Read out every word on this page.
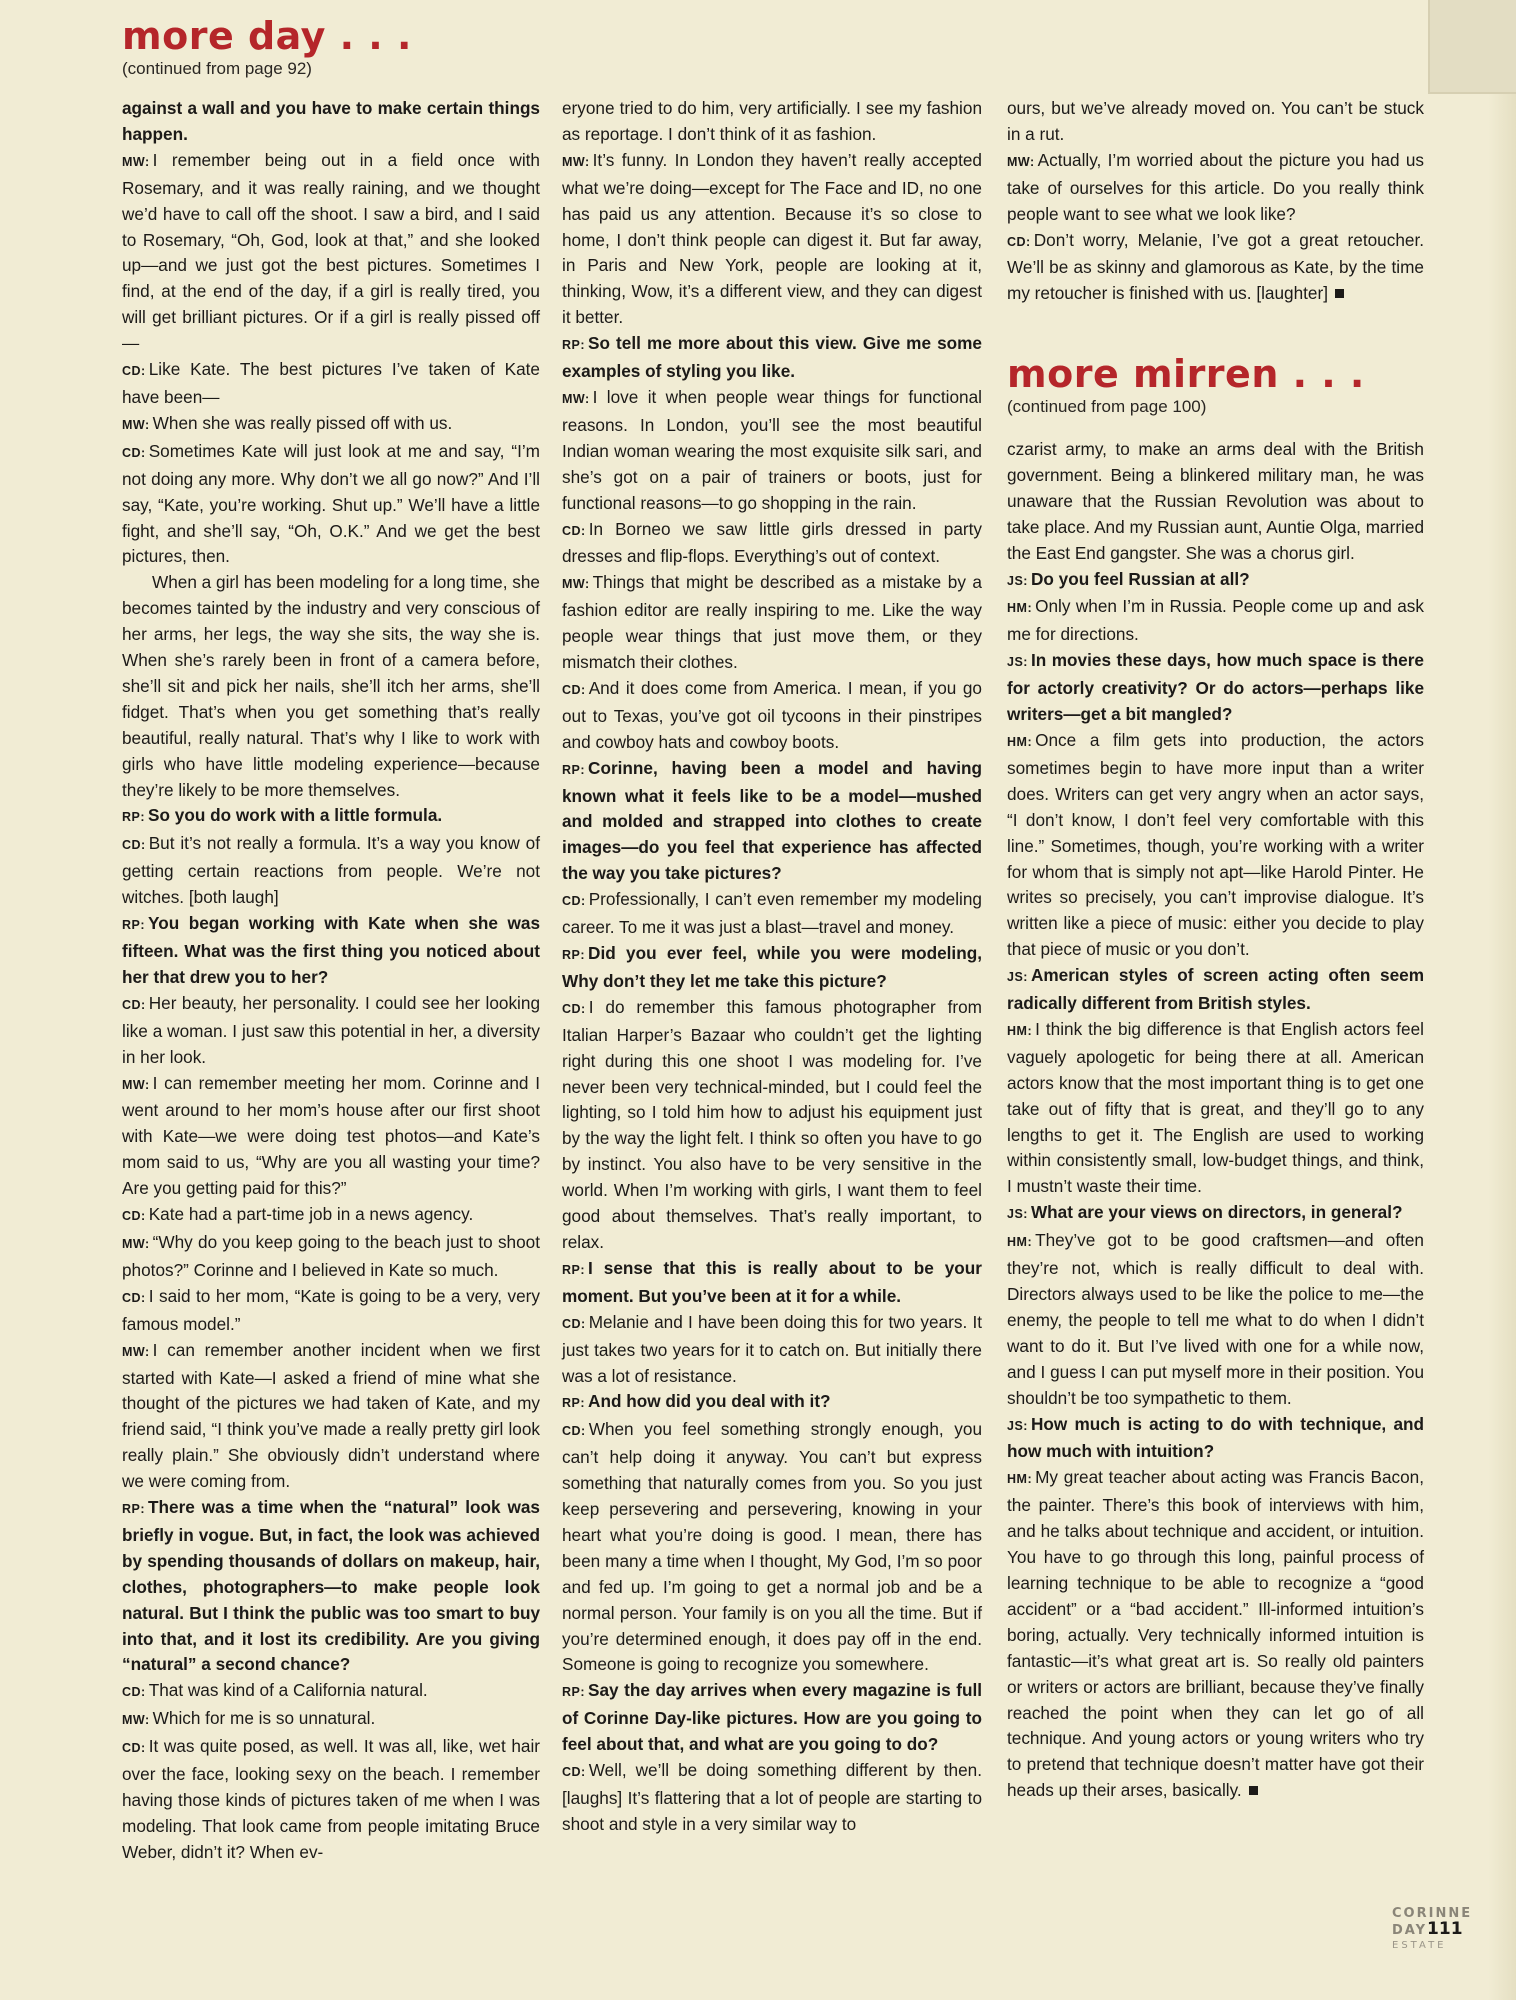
more day . . .
(continued from page 92)

against a wall and you have to make certain things happen.

MW: I remember being out in a field once with Rosemary, and it was really raining, and we thought we’d have to call off the shoot. I saw a bird, and I said to Rosemary, “Oh, God, look at that,” and she looked up—and we just got the best pictures. Sometimes I find, at the end of the day, if a girl is really tired, you will get brilliant pictures. Or if a girl is really pissed off—

CD: Like Kate. The best pictures I’ve taken of Kate have been—

MW: When she was really pissed off with us.

CD: Sometimes Kate will just look at me and say, “I’m not doing any more. Why don’t we all go now?” And I’ll say, “Kate, you’re working. Shut up.” We’ll have a little fight, and she’ll say, “Oh, O.K.” And we get the best pictures, then.

When a girl has been modeling for a long time, she becomes tainted by the industry and very conscious of her arms, her legs, the way she sits, the way she is. When she’s rarely been in front of a camera before, she’ll sit and pick her nails, she’ll itch her arms, she’ll fidget. That’s when you get something that’s really beautiful, really natural. That’s why I like to work with girls who have little modeling experience—because they’re likely to be more themselves.

RP: So you do work with a little formula.

CD: But it’s not really a formula. It’s a way you know of getting certain reactions from people. We’re not witches. [both laugh]

RP: You began working with Kate when she was fifteen. What was the first thing you noticed about her that drew you to her?

CD: Her beauty, her personality. I could see her looking like a woman. I just saw this potential in her, a diversity in her look.

MW: I can remember meeting her mom. Corinne and I went around to her mom’s house after our first shoot with Kate—we were doing test photos—and Kate’s mom said to us, “Why are you all wasting your time? Are you getting paid for this?”

CD: Kate had a part-time job in a news agency.

MW: “Why do you keep going to the beach just to shoot photos?” Corinne and I believed in Kate so much.

CD: I said to her mom, “Kate is going to be a very, very famous model.”

MW: I can remember another incident when we first started with Kate—I asked a friend of mine what she thought of the pictures we had taken of Kate, and my friend said, “I think you’ve made a really pretty girl look really plain.” She obviously didn’t understand where we were coming from.

RP: There was a time when the “natural” look was briefly in vogue. But, in fact, the look was achieved by spending thousands of dollars on makeup, hair, clothes, photographers—to make people look natural. But I think the public was too smart to buy into that, and it lost its credibility. Are you giving “natural” a second chance?

CD: That was kind of a California natural.

MW: Which for me is so unnatural.

CD: It was quite posed, as well. It was all, like, wet hair over the face, looking sexy on the beach. I remember having those kinds of pictures taken of me when I was modeling. That look came from people imitating Bruce Weber, didn’t it? When ev-

eryone tried to do him, very artificially. I see my fashion as reportage. I don’t think of it as fashion.

MW: It’s funny. In London they haven’t really accepted what we’re doing—except for The Face and ID, no one has paid us any attention. Because it’s so close to home, I don’t think people can digest it. But far away, in Paris and New York, people are looking at it, thinking, Wow, it’s a different view, and they can digest it better.

RP: So tell me more about this view. Give me some examples of styling you like.

MW: I love it when people wear things for functional reasons. In London, you’ll see the most beautiful Indian woman wearing the most exquisite silk sari, and she’s got on a pair of trainers or boots, just for functional reasons—to go shopping in the rain.

CD: In Borneo we saw little girls dressed in party dresses and flip-flops. Everything’s out of context.

MW: Things that might be described as a mistake by a fashion editor are really inspiring to me. Like the way people wear things that just move them, or they mismatch their clothes.

CD: And it does come from America. I mean, if you go out to Texas, you’ve got oil tycoons in their pinstripes and cowboy hats and cowboy boots.

RP: Corinne, having been a model and having known what it feels like to be a model—mushed and molded and strapped into clothes to create images—do you feel that experience has affected the way you take pictures?

CD: Professionally, I can’t even remember my modeling career. To me it was just a blast—travel and money.

RP: Did you ever feel, while you were modeling, Why don’t they let me take this picture?

CD: I do remember this famous photographer from Italian Harper’s Bazaar who couldn’t get the lighting right during this one shoot I was modeling for. I’ve never been very technical-minded, but I could feel the lighting, so I told him how to adjust his equipment just by the way the light felt. I think so often you have to go by instinct. You also have to be very sensitive in the world. When I’m working with girls, I want them to feel good about themselves. That’s really important, to relax.

RP: I sense that this is really about to be your moment. But you’ve been at it for a while.

CD: Melanie and I have been doing this for two years. It just takes two years for it to catch on. But initially there was a lot of resistance.

RP: And how did you deal with it?

CD: When you feel something strongly enough, you can’t help doing it anyway. You can’t but express something that naturally comes from you. So you just keep persevering and persevering, knowing in your heart what you’re doing is good. I mean, there has been many a time when I thought, My God, I’m so poor and fed up. I’m going to get a normal job and be a normal person. Your family is on you all the time. But if you’re determined enough, it does pay off in the end. Someone is going to recognize you somewhere.

RP: Say the day arrives when every magazine is full of Corinne Day-like pictures. How are you going to feel about that, and what are you going to do?

CD: Well, we’ll be doing something different by then. [laughs] It’s flattering that a lot of people are starting to shoot and style in a very similar way to

ours, but we’ve already moved on. You can’t be stuck in a rut.

MW: Actually, I’m worried about the picture you had us take of ourselves for this article. Do you really think people want to see what we look like?

CD: Don’t worry, Melanie, I’ve got a great retoucher. We’ll be as skinny and glamorous as Kate, by the time my retoucher is finished with us. [laughter]

more mirren . . .
(continued from page 100)

czarist army, to make an arms deal with the British government. Being a blinkered military man, he was unaware that the Russian Revolution was about to take place. And my Russian aunt, Auntie Olga, married the East End gangster. She was a chorus girl.

JS: Do you feel Russian at all?

HM: Only when I’m in Russia. People come up and ask me for directions.

JS: In movies these days, how much space is there for actorly creativity? Or do actors—perhaps like writers—get a bit mangled?

HM: Once a film gets into production, the actors sometimes begin to have more input than a writer does. Writers can get very angry when an actor says, “I don’t know, I don’t feel very comfortable with this line.” Sometimes, though, you’re working with a writer for whom that is simply not apt—like Harold Pinter. He writes so precisely, you can’t improvise dialogue. It’s written like a piece of music: either you decide to play that piece of music or you don’t.

JS: American styles of screen acting often seem radically different from British styles.

HM: I think the big difference is that English actors feel vaguely apologetic for being there at all. American actors know that the most important thing is to get one take out of fifty that is great, and they’ll go to any lengths to get it. The English are used to working within consistently small, low-budget things, and think, I mustn’t waste their time.

JS: What are your views on directors, in general?

HM: They’ve got to be good craftsmen—and often they’re not, which is really difficult to deal with. Directors always used to be like the police to me—the enemy, the people to tell me what to do when I didn’t want to do it. But I’ve lived with one for a while now, and I guess I can put myself more in their position. You shouldn’t be too sympathetic to them.

JS: How much is acting to do with technique, and how much with intuition?

HM: My great teacher about acting was Francis Bacon, the painter. There’s this book of interviews with him, and he talks about technique and accident, or intuition. You have to go through this long, painful process of learning technique to be able to recognize a “good accident” or a “bad accident.” Ill-informed intuition’s boring, actually. Very technically informed intuition is fantastic—it’s what great art is. So really old painters or writers or actors are brilliant, because they’ve finally reached the point when they can let go of all technique. And young actors or young writers who try to pretend that technique doesn’t matter have got their heads up their arses, basically.

CORINNE
DAY111
ESTATE
